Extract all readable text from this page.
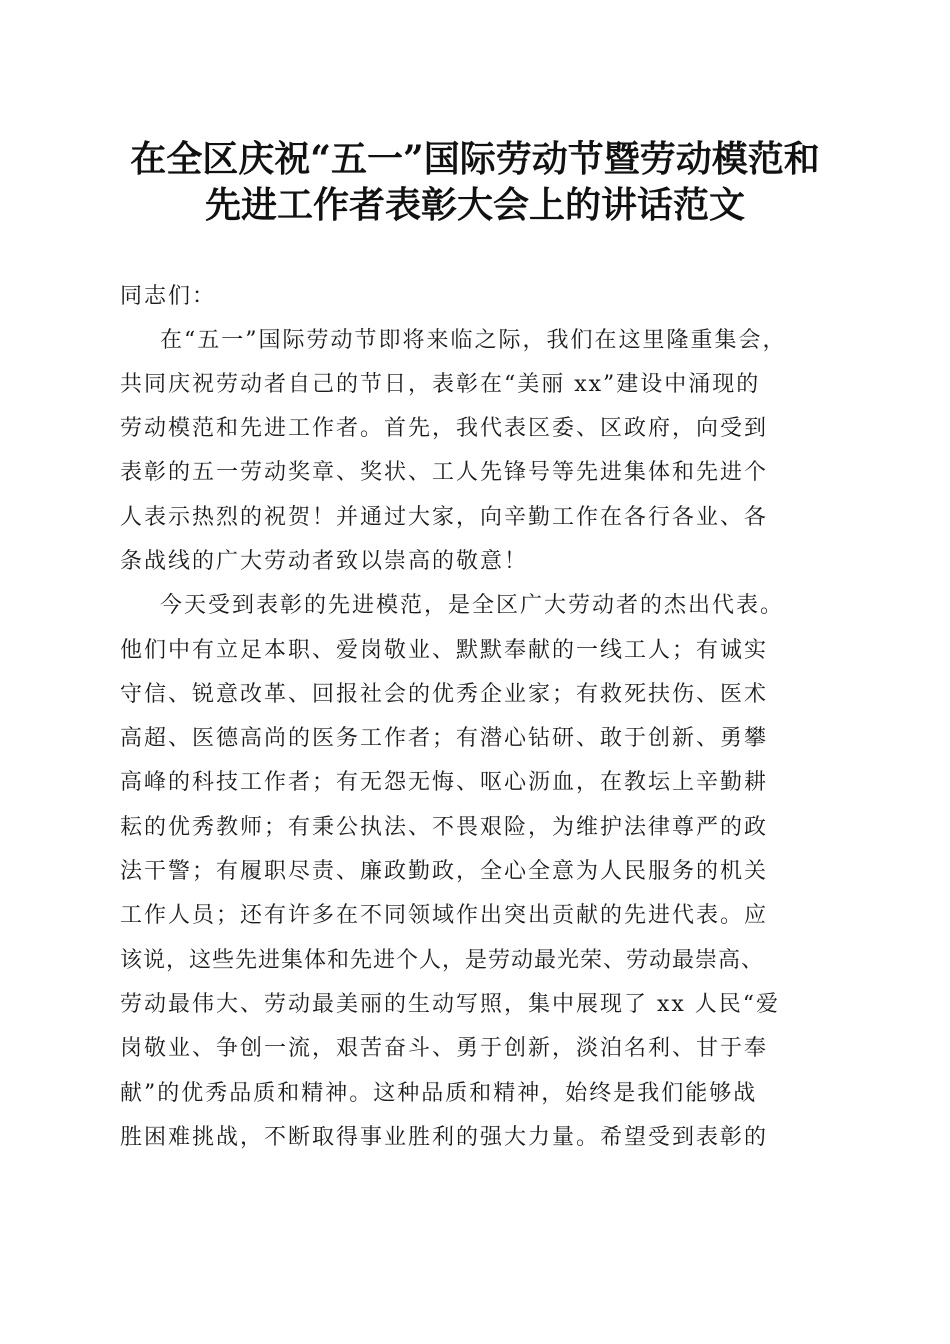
在全区庆祝“五一”国际劳动节暨劳动模范和
先进工作者表彰大会上的讲话范文
同志们：
在“五一”国际劳动节即将来临之际，我们在这里隆重集会，
共同庆祝劳动者自己的节日，表彰在“美丽 xx”建设中涌现的
劳动模范和先进工作者。首先，我代表区委、区政府，向受到
表彰的五一劳动奖章、奖状、工人先锋号等先进集体和先进个
人表示热烈的祝贺！并通过大家，向辛勤工作在各行各业、各
条战线的广大劳动者致以崇高的敬意！
今天受到表彰的先进模范，是全区广大劳动者的杰出代表。
他们中有立足本职、爱岗敬业、默默奉献的一线工人；有诚实
守信、锐意改革、回报社会的优秀企业家；有救死扶伤、医术
高超、医德高尚的医务工作者；有潜心钻研、敢于创新、勇攀
高峰的科技工作者；有无怨无悔、呕心沥血，在教坛上辛勤耕
耘的优秀教师；有秉公执法、不畏艰险，为维护法律尊严的政
法干警；有履职尽责、廉政勤政，全心全意为人民服务的机关
工作人员；还有许多在不同领域作出突出贡献的先进代表。应
该说，这些先进集体和先进个人，是劳动最光荣、劳动最崇高、
劳动最伟大、劳动最美丽的生动写照，集中展现了 xx 人民“爱
岗敬业、争创一流，艰苦奋斗、勇于创新，淡泊名利、甘于奉
献”的优秀品质和精神。这种品质和精神，始终是我们能够战
胜困难挑战，不断取得事业胜利的强大力量。希望受到表彰的
